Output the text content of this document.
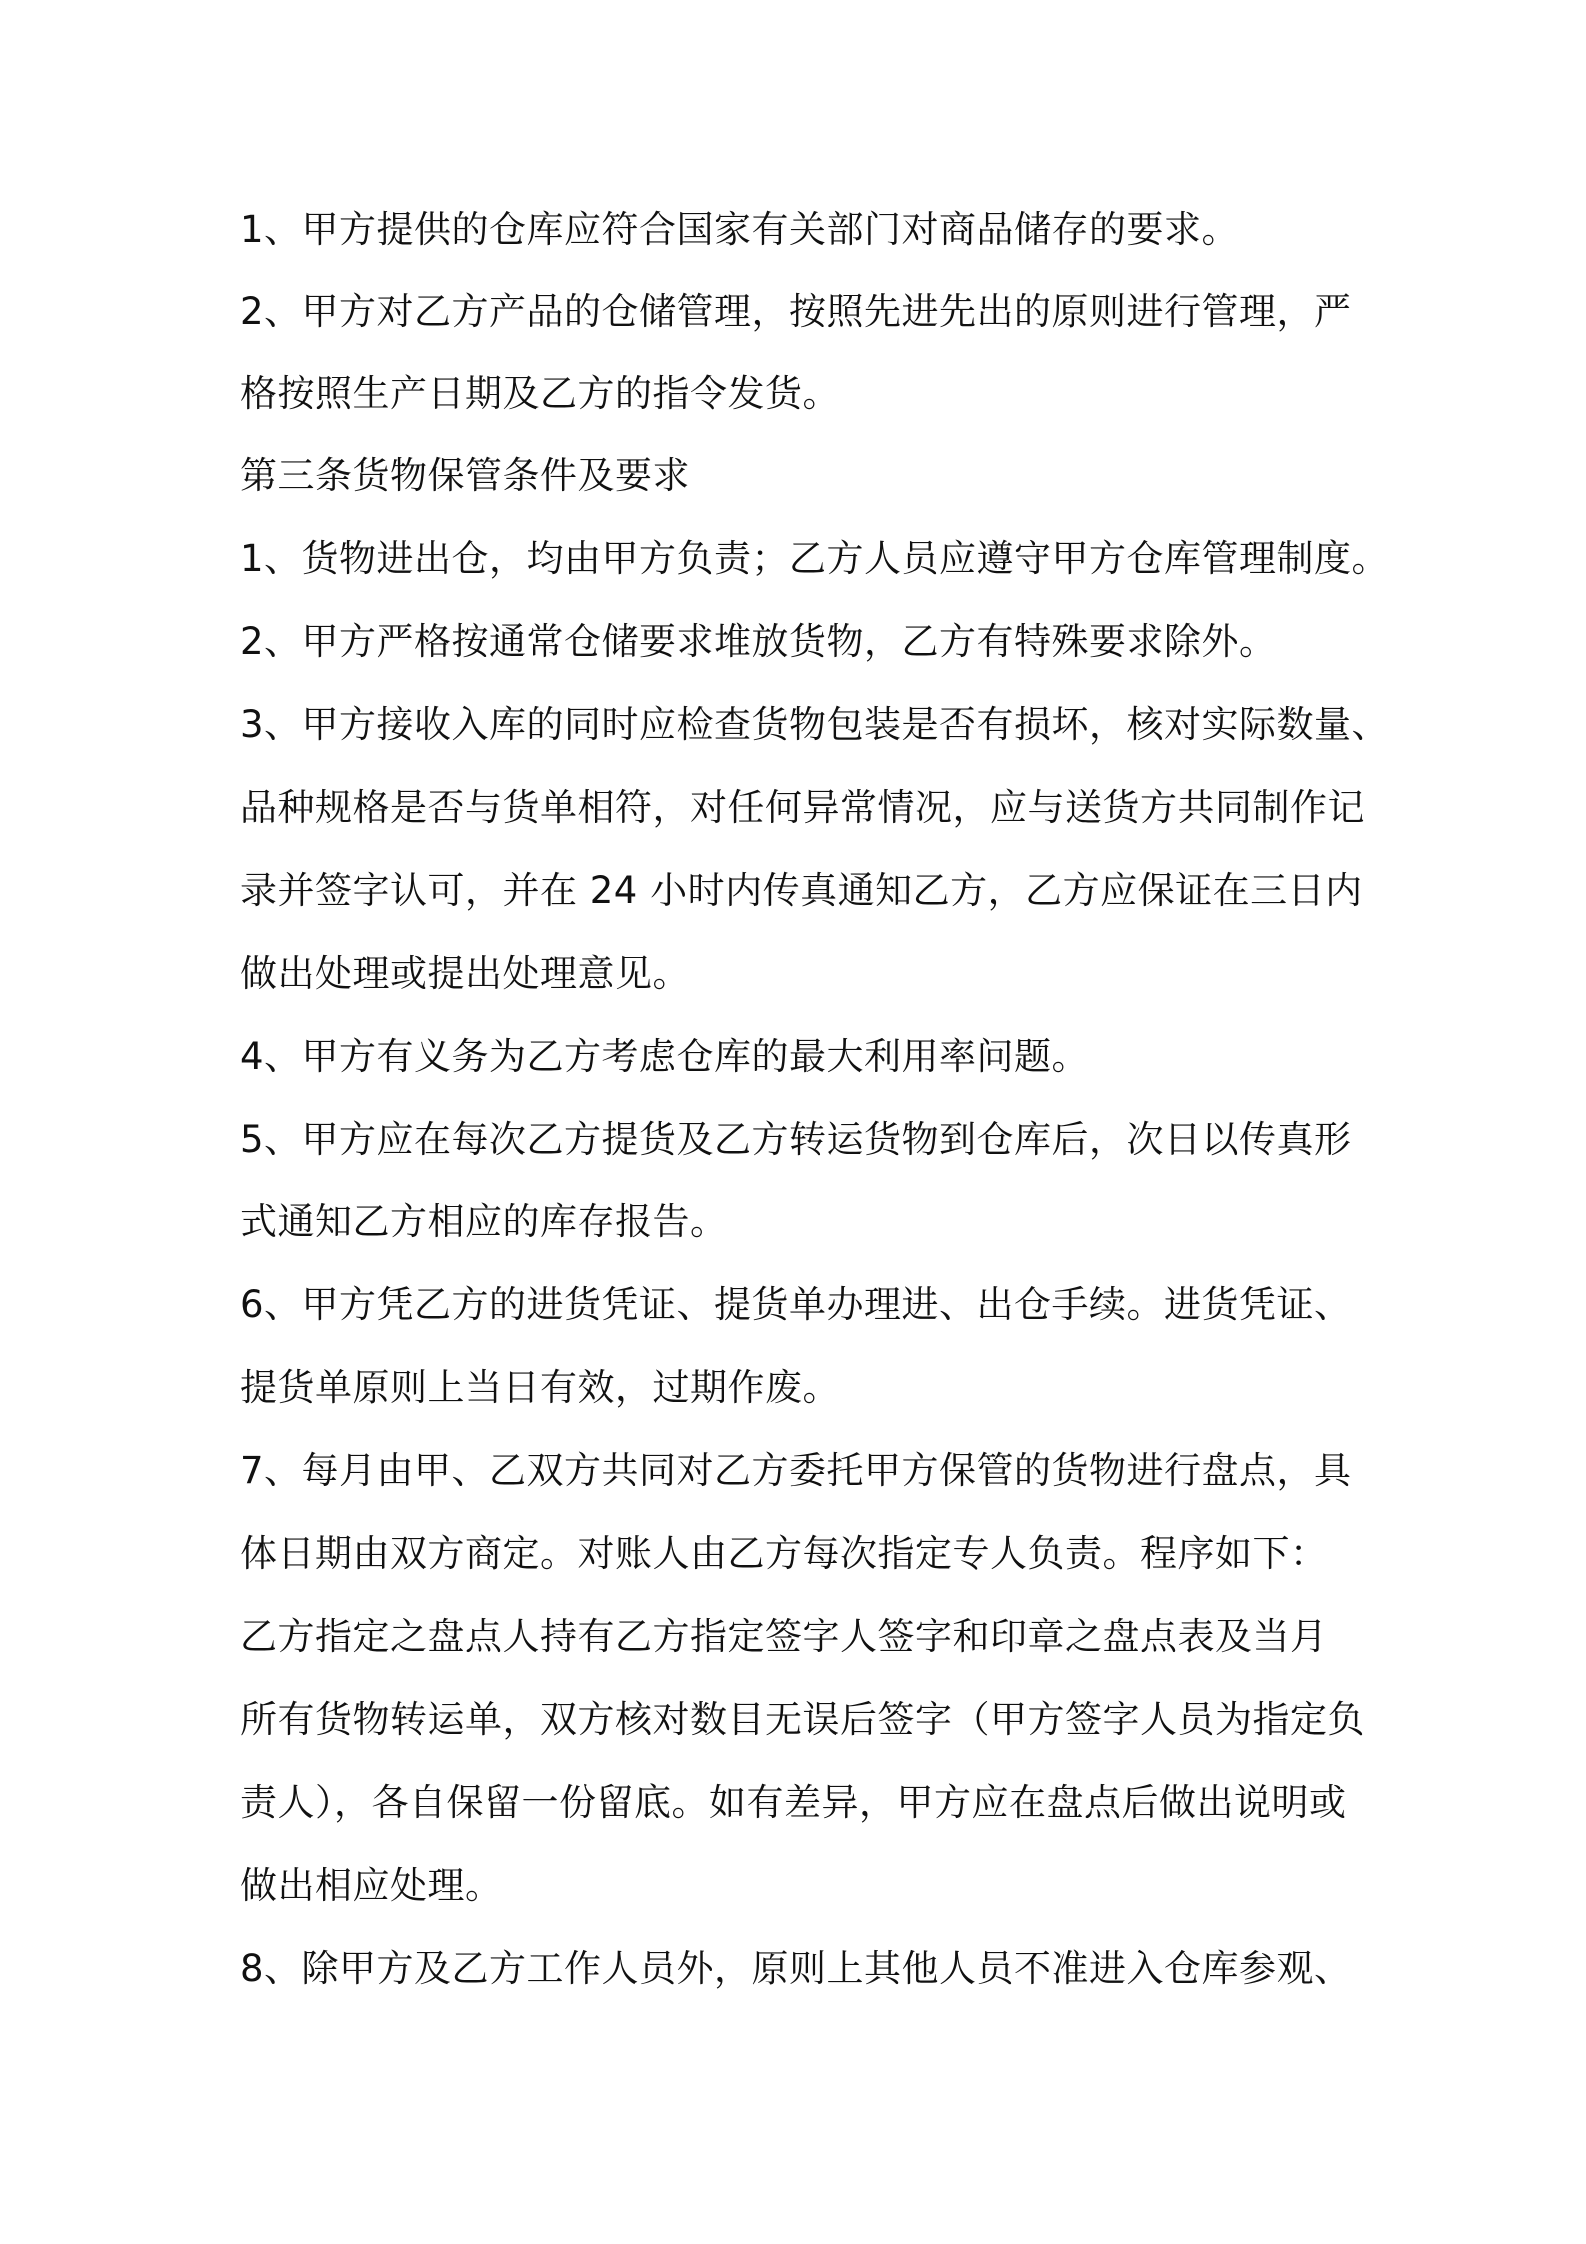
1、甲方提供的仓库应符合国家有关部门对商品储存的要求。
2、甲方对乙方产品的仓储管理，按照先进先出的原则进行管理，严
格按照生产日期及乙方的指令发货。
第三条货物保管条件及要求
1、货物进出仓，均由甲方负责；乙方人员应遵守甲方仓库管理制度。
2、甲方严格按通常仓储要求堆放货物，乙方有特殊要求除外。
3、甲方接收入库的同时应检查货物包装是否有损坏，核对实际数量、
品种规格是否与货单相符，对任何异常情况，应与送货方共同制作记
录并签字认可，并在 24 小时内传真通知乙方，乙方应保证在三日内
做出处理或提出处理意见。
4、甲方有义务为乙方考虑仓库的最大利用率问题。
5、甲方应在每次乙方提货及乙方转运货物到仓库后，次日以传真形
式通知乙方相应的库存报告。
6、甲方凭乙方的进货凭证、提货单办理进、出仓手续。进货凭证、
提货单原则上当日有效，过期作废。
7、每月由甲、乙双方共同对乙方委托甲方保管的货物进行盘点，具
体日期由双方商定。对账人由乙方每次指定专人负责。程序如下：
乙方指定之盘点人持有乙方指定签字人签字和印章之盘点表及当月
所有货物转运单，双方核对数目无误后签字（甲方签字人员为指定负
责人），各自保留一份留底。如有差异，甲方应在盘点后做出说明或
做出相应处理。
8、除甲方及乙方工作人员外，原则上其他人员不准进入仓库参观、
